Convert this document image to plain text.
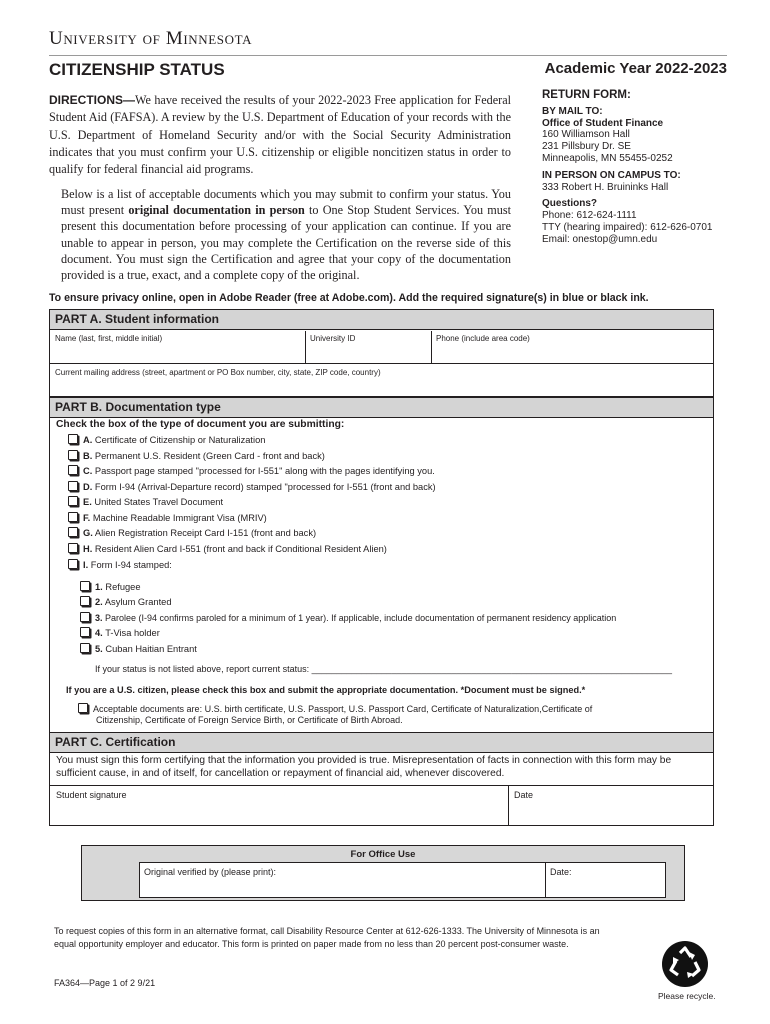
University of Minnesota
CITIZENSHIP STATUS	Academic Year 2022-2023
DIRECTIONS—We have received the results of your 2022-2023 Free application for Federal Student Aid (FAFSA). A review by the U.S. Department of Education of your records with the U.S. Department of Homeland Security and/or with the Social Security Administration indicates that you must confirm your U.S. citizenship or eligible noncitizen status in order to qualify for federal financial aid programs.
Below is a list of acceptable documents which you may submit to confirm your status. You must present original documentation in person to One Stop Student Services. You must present this documentation before processing of your application can continue. If you are unable to appear in person, you may complete the Certification on the reverse side of this document. You must sign the Certification and agree that your copy of the documentation provided is a true, exact, and a complete copy of the original.
RETURN FORM:
BY MAIL TO:
Office of Student Finance
160 Williamson Hall
231 Pillsbury Dr. SE
Minneapolis, MN 55455-0252
IN PERSON ON CAMPUS TO:
333 Robert H. Bruininks Hall
Questions?
Phone: 612-624-1111
TTY (hearing impaired): 612-626-0701
Email: onestop@umn.edu
To ensure privacy online, open in Adobe Reader (free at Adobe.com). Add the required signature(s) in blue or black ink.
PART A. Student information
Name (last, first, middle initial)	University ID	Phone (include area code)
Current mailing address (street, apartment or PO Box number, city, state, ZIP code, country)
PART B. Documentation type
Check the box of the type of document you are submitting:
A. Certificate of Citizenship or Naturalization
B. Permanent U.S. Resident (Green Card - front and back)
C. Passport page stamped "processed for I-551" along with the pages identifying you.
D. Form I-94 (Arrival-Departure record) stamped "processed for I-551 (front and back)
E. United States Travel Document
F. Machine Readable Immigrant Visa (MRIV)
G. Alien Registration Receipt Card I-151 (front and back)
H. Resident Alien Card I-551 (front and back if Conditional Resident Alien)
I. Form I-94 stamped:
1. Refugee
2. Asylum Granted
3. Parolee (I-94 confirms paroled for a minimum of 1 year). If applicable, include documentation of permanent residency application
4. T-Visa holder
5. Cuban Haitian Entrant
If your status is not listed above, report current status: ________________________________________________________________________
If you are a U.S. citizen, please check this box and submit the appropriate documentation. *Document must be signed.*
Acceptable documents are: U.S. birth certificate, U.S. Passport, U.S. Passport Card, Certificate of Naturalization,Certificate of
Citizenship, Certificate of Foreign Service Birth, or Certificate of Birth Abroad.
PART C. Certification
You must sign this form certifying that the information you provided is true. Misrepresentation of facts in connection with this form may be sufficient cause, in and of itself, for cancellation or repayment of financial aid, whenever discovered.
Student signature	Date
For Office Use
Original verified by (please print):	Date:
To request copies of this form in an alternative format, call Disability Resource Center at 612-626-1333. The University of Minnesota is an equal opportunity employer and educator. This form is printed on paper made from no less than 20 percent post-consumer waste.
FA364—Page 1 of 2 9/21
Please recycle.
